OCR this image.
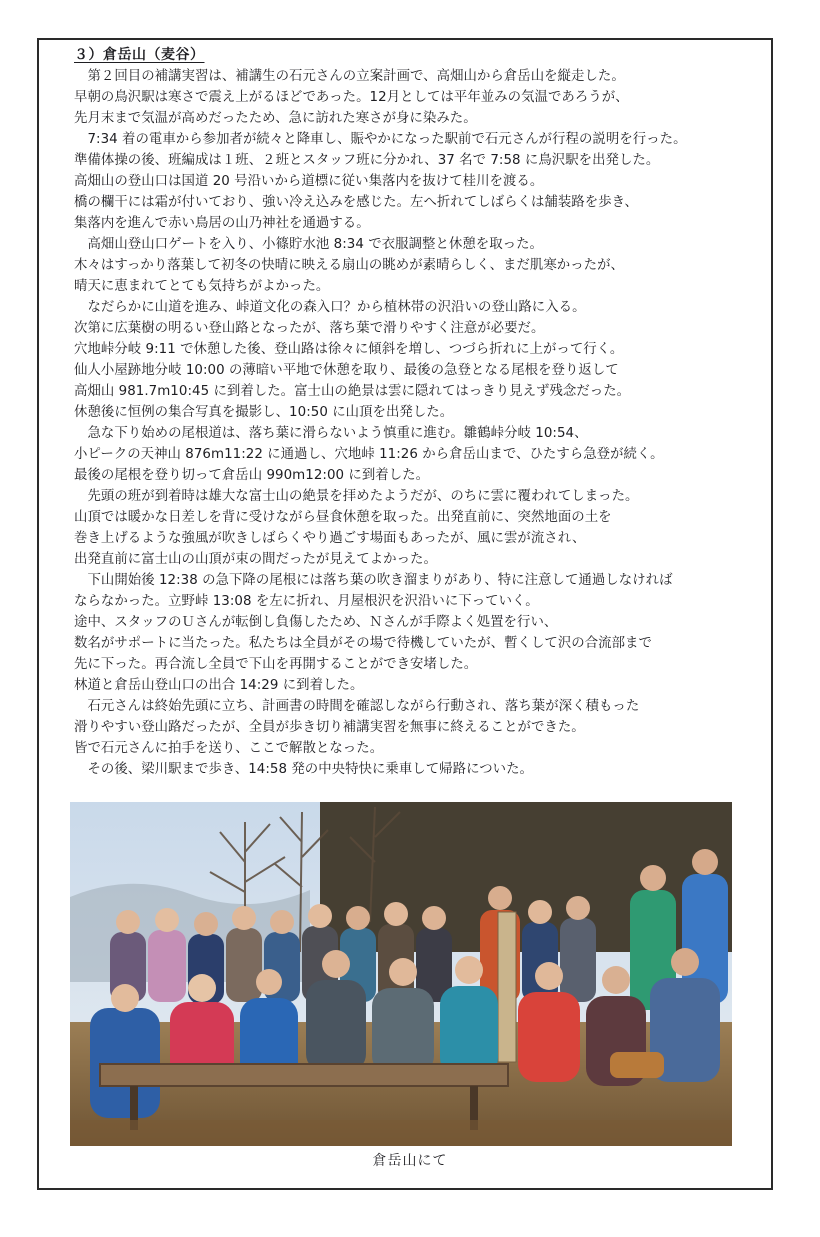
３）倉岳山（麦谷）
　第２回目の補講実習は、補講生の石元さんの立案計画で、高畑山から倉岳山を縦走した。
早朝の鳥沢駅は寒さで震え上がるほどであった。12月としては平年並みの気温であろうが、
先月末まで気温が高めだったため、急に訪れた寒さが身に染みた。
　7:34 着の電車から参加者が続々と降車し、賑やかになった駅前で石元さんが行程の説明を行った。
準備体操の後、班編成は１班、２班とスタッフ班に分かれ、37 名で 7:58 に鳥沢駅を出発した。
高畑山の登山口は国道 20 号沿いから道標に従い集落内を抜けて桂川を渡る。
橋の欄干には霜が付いており、強い冷え込みを感じた。左へ折れてしばらくは舗装路を歩き、
集落内を進んで赤い鳥居の山乃神社を通過する。
　高畑山登山口ゲートを入り、小篠貯水池 8:34 で衣服調整と休憩を取った。
木々はすっかり落葉して初冬の快晴に映える扇山の眺めが素晴らしく、まだ肌寒かったが、
晴天に恵まれてとても気持ちがよかった。
　なだらかに山道を進み、峠道文化の森入口？から植林帯の沢沿いの登山路に入る。
次第に広葉樹の明るい登山路となったが、落ち葉で滑りやすく注意が必要だ。
穴地峠分岐 9:11 で休憩した後、登山路は徐々に傾斜を増し、つづら折れに上がって行く。
仙人小屋跡地分岐 10:00 の薄暗い平地で休憩を取り、最後の急登となる尾根を登り返して
高畑山 981.7m10:45 に到着した。富士山の絶景は雲に隠れてはっきり見えず残念だった。
休憩後に恒例の集合写真を撮影し、10:50 に山頂を出発した。
　急な下り始めの尾根道は、落ち葉に滑らないよう慎重に進む。雛鶴峠分岐 10:54、
小ピークの天神山 876m11:22 に通過し、穴地峠 11:26 から倉岳山まで、ひたすら急登が続く。
最後の尾根を登り切って倉岳山 990m12:00 に到着した。
　先頭の班が到着時は雄大な富士山の絶景を拝めたようだが、のちに雲に覆われてしまった。
山頂では暖かな日差しを背に受けながら昼食休憩を取った。出発直前に、突然地面の土を
巻き上げるような強風が吹きしばらくやり過ごす場面もあったが、風に雲が流され、
出発直前に富士山の山頂が束の間だったが見えてよかった。
　下山開始後 12:38 の急下降の尾根には落ち葉の吹き溜まりがあり、特に注意して通過しなければ
ならなかった。立野峠 13:08 を左に折れ、月屋根沢を沢沿いに下っていく。
途中、スタッフのＵさんが転倒し負傷したため、Ｎさんが手際よく処置を行い、
数名がサポートに当たった。私たちは全員がその場で待機していたが、暫くして沢の合流部まで
先に下った。再合流し全員で下山を再開することができ安堵した。
林道と倉岳山登山口の出合 14:29 に到着した。
　石元さんは終始先頭に立ち、計画書の時間を確認しながら行動され、落ち葉が深く積もった
滑りやすい登山路だったが、全員が歩き切り補講実習を無事に終えることができた。
皆で石元さんに拍手を送り、ここで解散となった。
　その後、梁川駅まで歩き、14:58 発の中央特快に乗車して帰路についた。
倉岳山にて
